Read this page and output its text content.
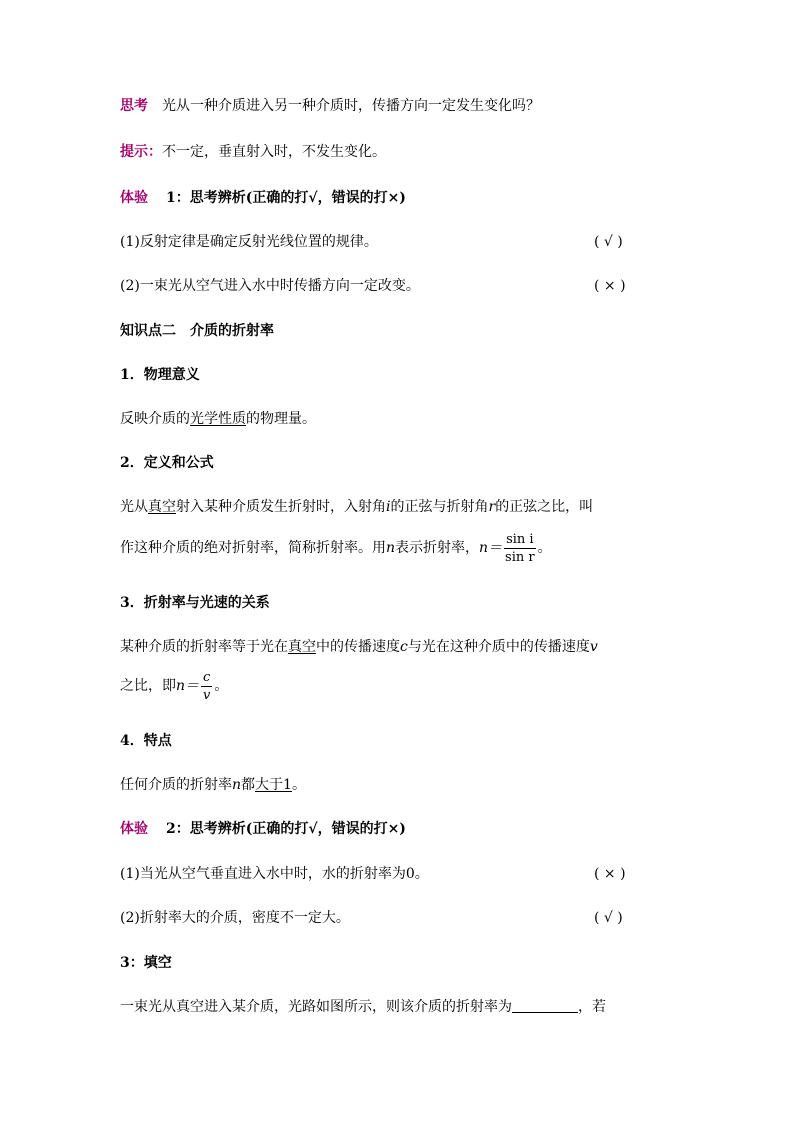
思考 光从一种介质进入另一种介质时，传播方向一定发生变化吗？
提示：不一定，垂直射入时，不发生变化。
体验 1：思考辨析(正确的打√，错误的打×)
(1)反射定律是确定反射光线位置的规律。	( √ )
(2)一束光从空气进入水中时传播方向一定改变。	( × )
知识点二　介质的折射率
1．物理意义
反映介质的光学性质的物理量。
2．定义和公式
光从真空射入某种介质发生折射时，入射角i的正弦与折射角r的正弦之比，叫
作这种介质的绝对折射率，简称折射率。用n表示折射率，$n= \frac{\text{sin i}}{\text{sin r}}$ 。
3．折射率与光速的关系
某种介质的折射率等于光在真空中的传播速度c与光在这种介质中的传播速度v
之比，即$n= \frac{c}{v}$ 。
4．特点
任何介质的折射率n都大于1。
体验 2：思考辨析(正确的打√，错误的打×)
(1)当光从空气垂直进入水中时，水的折射率为0。	( × )
(2)折射率大的介质，密度不一定大。	( √ )
3：填空
一束光从真空进入某介质，光路如图所示，则该介质的折射率为	，若
